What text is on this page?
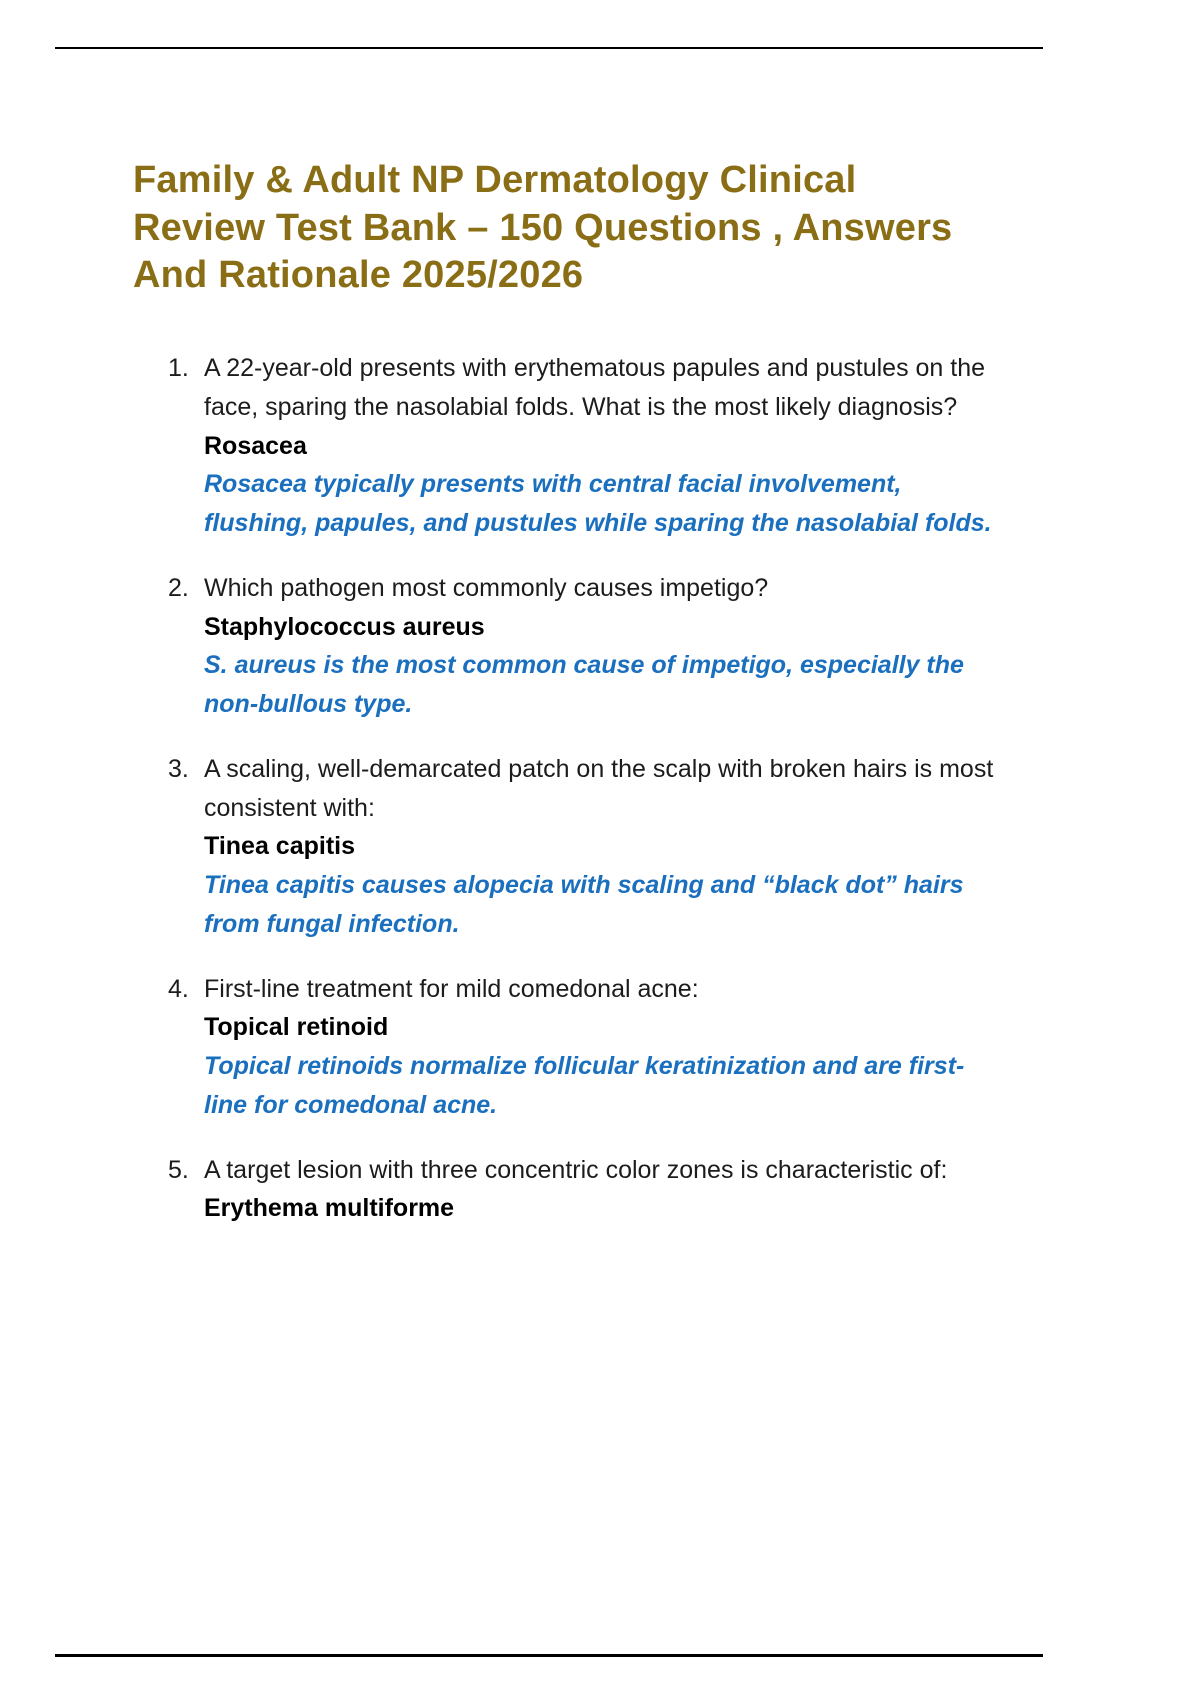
Family & Adult NP Dermatology Clinical Review Test Bank – 150 Questions , Answers And Rationale 2025/2026
1. A 22-year-old presents with erythematous papules and pustules on the face, sparing the nasolabial folds. What is the most likely diagnosis?
Rosacea
Rosacea typically presents with central facial involvement, flushing, papules, and pustules while sparing the nasolabial folds.
2. Which pathogen most commonly causes impetigo?
Staphylococcus aureus
S. aureus is the most common cause of impetigo, especially the non-bullous type.
3. A scaling, well-demarcated patch on the scalp with broken hairs is most consistent with:
Tinea capitis
Tinea capitis causes alopecia with scaling and “black dot” hairs from fungal infection.
4. First-line treatment for mild comedonal acne:
Topical retinoid
Topical retinoids normalize follicular keratinization and are first-line for comedonal acne.
5. A target lesion with three concentric color zones is characteristic of:
Erythema multiforme
